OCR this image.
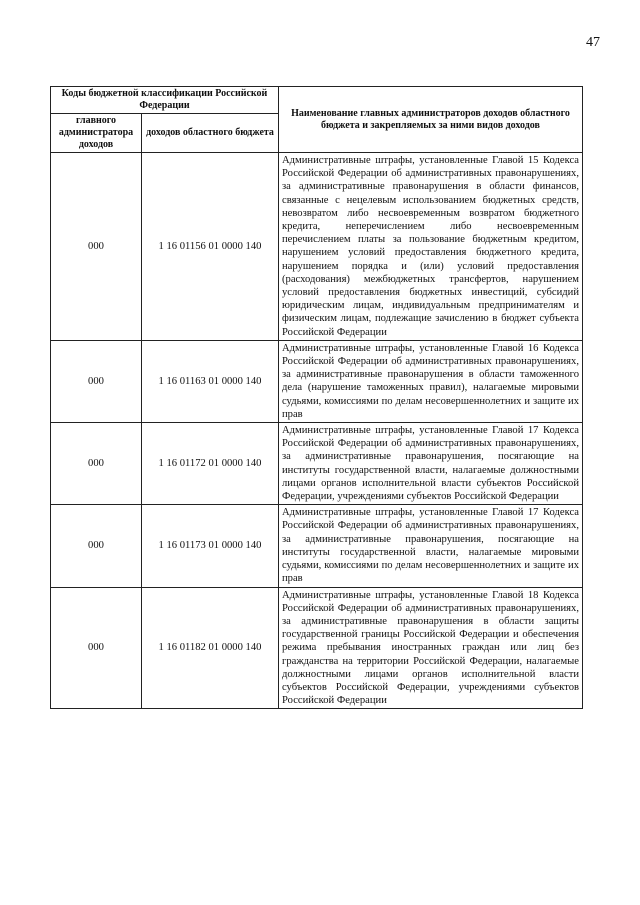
47
Коды бюджетной классификации Российской Федерации		Наименование главных администраторов доходов областного бюджета и закрепляемых за ними видов доходов
главного администратора доходов	доходов областного бюджета	
000	1 16 01156 01 0000 140	Административные штрафы, установленные Главой 15 Кодекса Российской Федерации об административных правонарушениях, за административные правонарушения в области финансов, связанные с нецелевым использованием бюджетных средств, невозвратом либо несвоевременным возвратом бюджетного кредита, неперечислением либо несвоевременным перечислением платы за пользование бюджетным кредитом, нарушением условий предоставления бюджетного кредита, нарушением порядка и (или) условий предоставления (расходования) межбюджетных трансфертов, нарушением условий предоставления бюджетных инвестиций, субсидий юридическим лицам, индивидуальным предпринимателям и физическим лицам, подлежащие зачислению в бюджет субъекта Российской Федерации
000	1 16 01163 01 0000 140	Административные штрафы, установленные Главой 16 Кодекса Российской Федерации об административных правонарушениях, за административные правонарушения в области таможенного дела (нарушение таможенных правил), налагаемые мировыми судьями, комиссиями по делам несовершеннолетних и защите их прав
000	1 16 01172 01 0000 140	Административные штрафы, установленные Главой 17 Кодекса Российской Федерации об административных правонарушениях, за административные правонарушения, посягающие на институты государственной власти, налагаемые должностными лицами органов исполнительной власти субъектов Российской Федерации, учреждениями субъектов Российской Федерации
000	1 16 01173 01 0000 140	Административные штрафы, установленные Главой 17 Кодекса Российской Федерации об административных правонарушениях, за административные правонарушения, посягающие на институты государственной власти, налагаемые мировыми судьями, комиссиями по делам несовершеннолетних и защите их прав
000	1 16 01182 01 0000 140	Административные штрафы, установленные Главой 18 Кодекса Российской Федерации об административных правонарушениях, за административные правонарушения в области защиты государственной границы Российской Федерации и обеспечения режима пребывания иностранных граждан или лиц без гражданства на территории Российской Федерации, налагаемые должностными лицами органов исполнительной власти субъектов Российской Федерации, учреждениями субъектов Российской Федерации
